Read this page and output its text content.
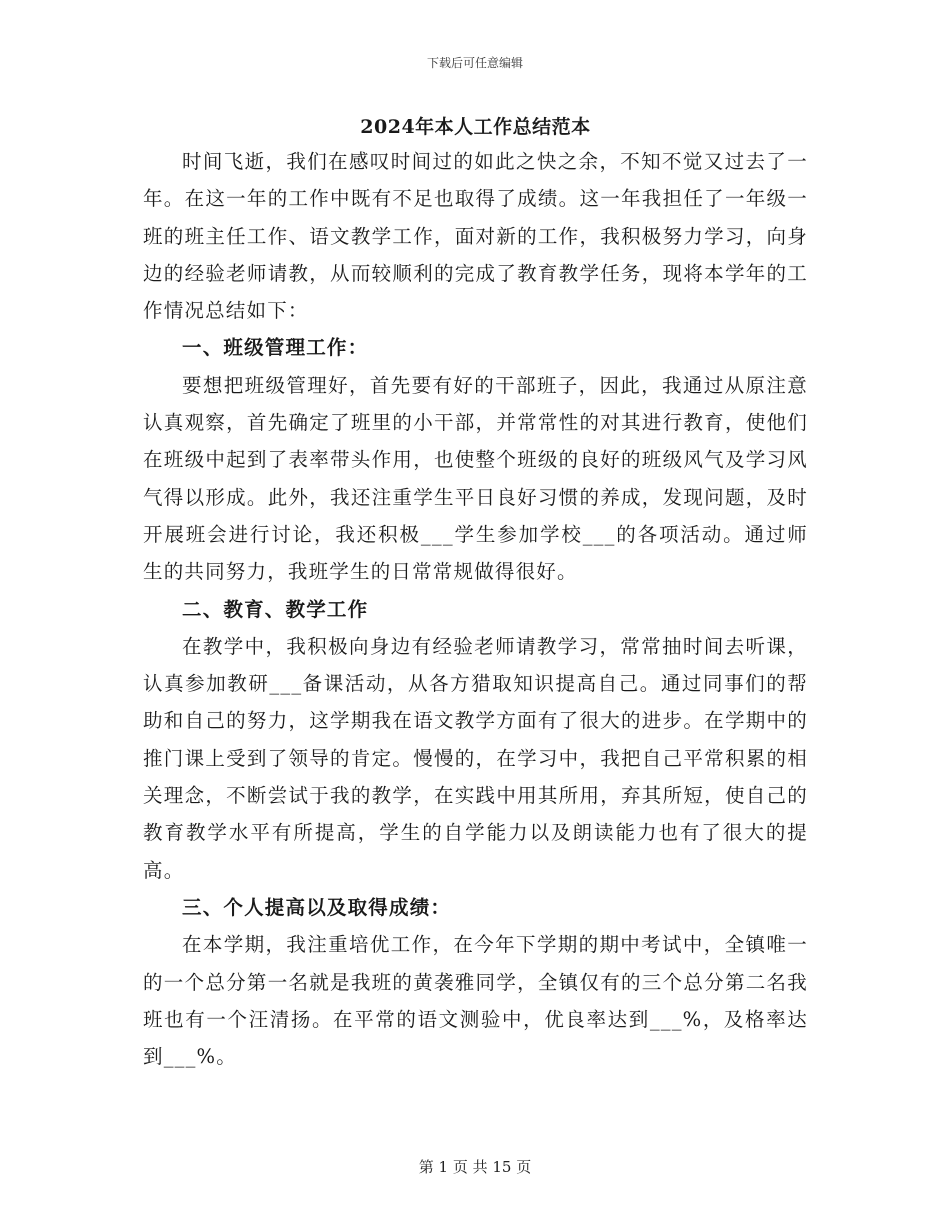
下载后可任意编辑
2024年本人工作总结范本

时间飞逝，我们在感叹时间过的如此之快之余，不知不觉又过去了一年。在这一年的工作中既有不足也取得了成绩。这一年我担任了一年级一班的班主任工作、语文教学工作，面对新的工作，我积极努力学习，向身边的经验老师请教，从而较顺利的完成了教育教学任务，现将本学年的工作情况总结如下：

一、班级管理工作：

要想把班级管理好，首先要有好的干部班子，因此，我通过从原注意认真观察，首先确定了班里的小干部，并常常性的对其进行教育，使他们在班级中起到了表率带头作用，也使整个班级的良好的班级风气及学习风气得以形成。此外，我还注重学生平日良好习惯的养成，发现问题，及时开展班会进行讨论，我还积极___学生参加学校___的各项活动。通过师生的共同努力，我班学生的日常常规做得很好。

二、教育、教学工作

在教学中，我积极向身边有经验老师请教学习，常常抽时间去听课，认真参加教研___备课活动，从各方猎取知识提高自己。通过同事们的帮助和自己的努力，这学期我在语文教学方面有了很大的进步。在学期中的推门课上受到了领导的肯定。慢慢的，在学习中，我把自己平常积累的相关理念，不断尝试于我的教学，在实践中用其所用，弃其所短，使自己的教育教学水平有所提高，学生的自学能力以及朗读能力也有了很大的提高。

三、个人提高以及取得成绩：

在本学期，我注重培优工作，在今年下学期的期中考试中，全镇唯一的一个总分第一名就是我班的黄袭雅同学，全镇仅有的三个总分第二名我班也有一个汪清扬。在平常的语文测验中，优良率达到___%，及格率达到___%。

第 1 页 共 15 页
